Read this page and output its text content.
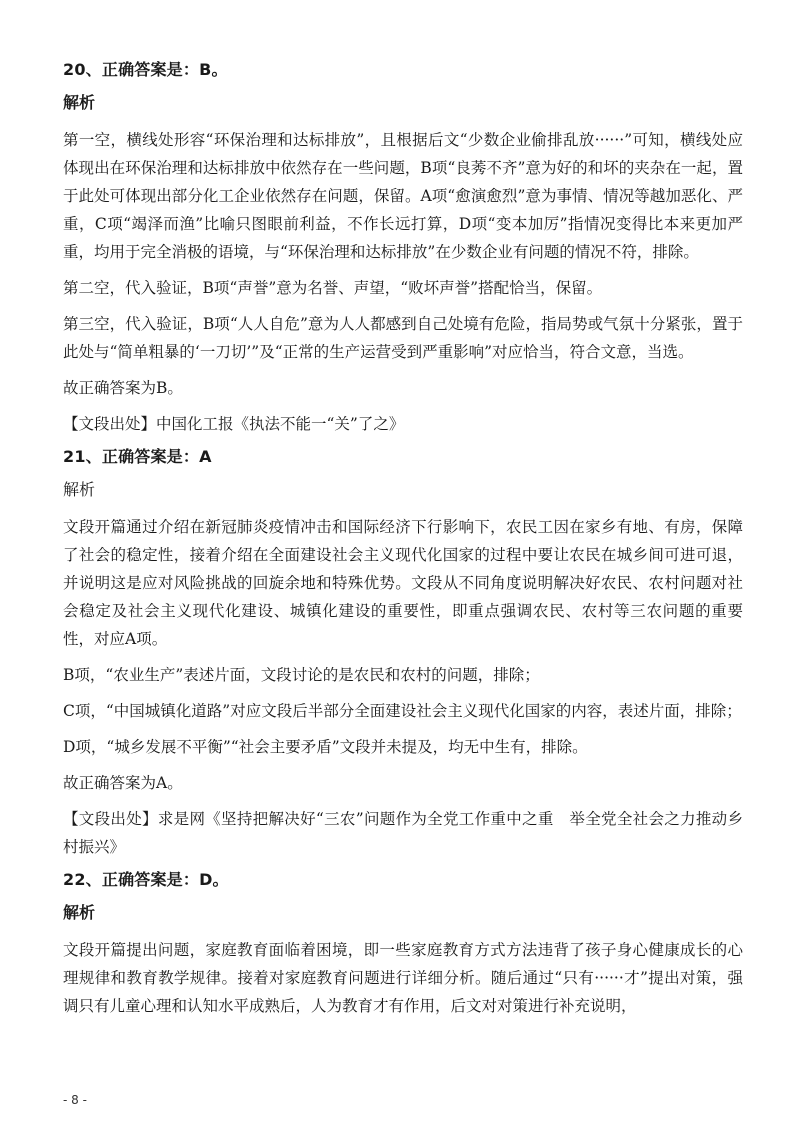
20、正确答案是：B。
解析

第一空，横线处形容“环保治理和达标排放”，且根据后文“少数企业偷排乱放······”可知，横线处应体现出在环保治理和达标排放中依然存在一些问题，B项“良莠不齐”意为好的和坏的夹杂在一起，置于此处可体现出部分化工企业依然存在问题，保留。A项“愈演愈烈”意为事情、情况等越加恶化、严重，C项“竭泽而渔”比喻只图眼前利益，不作长远打算，D项“变本加厉”指情况变得比本来更加严重，均用于完全消极的语境，与“环保治理和达标排放”在少数企业有问题的情况不符，排除。

第二空，代入验证，B项“声誉”意为名誉、声望，“败坏声誉”搭配恰当，保留。

第三空，代入验证，B项“人人自危”意为人人都感到自己处境有危险，指局势或气氛十分紧张，置于此处与“简单粗暴的‘一刀切’”及“正常的生产运营受到严重影响”对应恰当，符合文意，当选。

故正确答案为B。

【文段出处】中国化工报《执法不能一“关”了之》

21、正确答案是：A
解析

文段开篇通过介绍在新冠肺炎疫情冲击和国际经济下行影响下，农民工因在家乡有地、有房，保障了社会的稳定性，接着介绍在全面建设社会主义现代化国家的过程中要让农民在城乡间可进可退，并说明这是应对风险挑战的回旋余地和特殊优势。文段从不同角度说明解决好农民、农村问题对社会稳定及社会主义现代化建设、城镇化建设的重要性，即重点强调农民、农村等三农问题的重要性，对应A项。

B项，“农业生产”表述片面，文段讨论的是农民和农村的问题，排除；

C项，“中国城镇化道路”对应文段后半部分全面建设社会主义现代化国家的内容，表述片面，排除；

D项，“城乡发展不平衡”“社会主要矛盾”文段并未提及，均无中生有，排除。

故正确答案为A。

【文段出处】求是网《坚持把解决好“三农”问题作为全党工作重中之重　举全党全社会之力推动乡村振兴》

22、正确答案是：D。
解析

文段开篇提出问题，家庭教育面临着困境，即一些家庭教育方式方法违背了孩子身心健康成长的心理规律和教育教学规律。接着对家庭教育问题进行详细分析。随后通过“只有······才”提出对策，强调只有儿童心理和认知水平成熟后，人为教育才有作用，后文对对策进行补充说明，

- 8 -
